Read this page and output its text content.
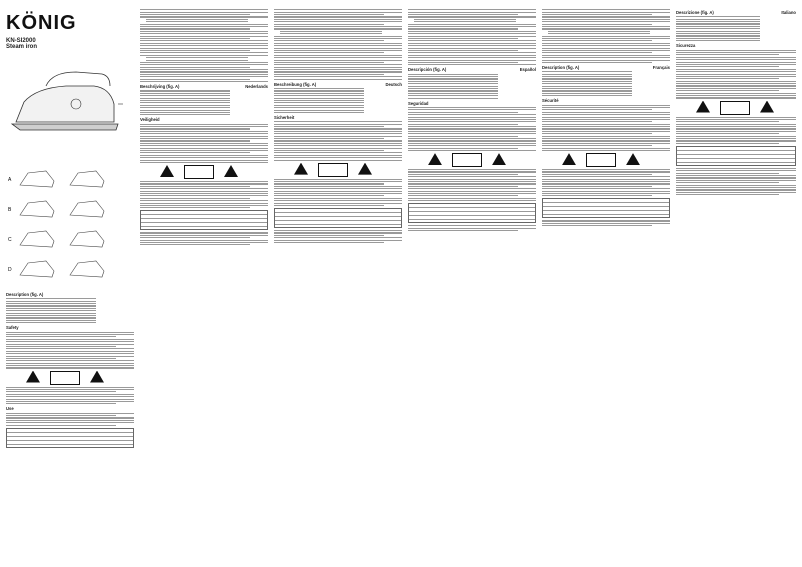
KÖNIG
KN-SI2000
Steam iron

A
B
C
D
Description (fig. A)
Safety
Use
Beschrijving (fig. A)	Nederlands
Veiligheid
Beschreibung (fig. A)	Deutsch
Sicherheit
Descripción (fig. A)	Español
Seguridad
Description (fig. A)	Français
Sécurité
Descrizione (fig. A)	Italiano
Sicurezza
